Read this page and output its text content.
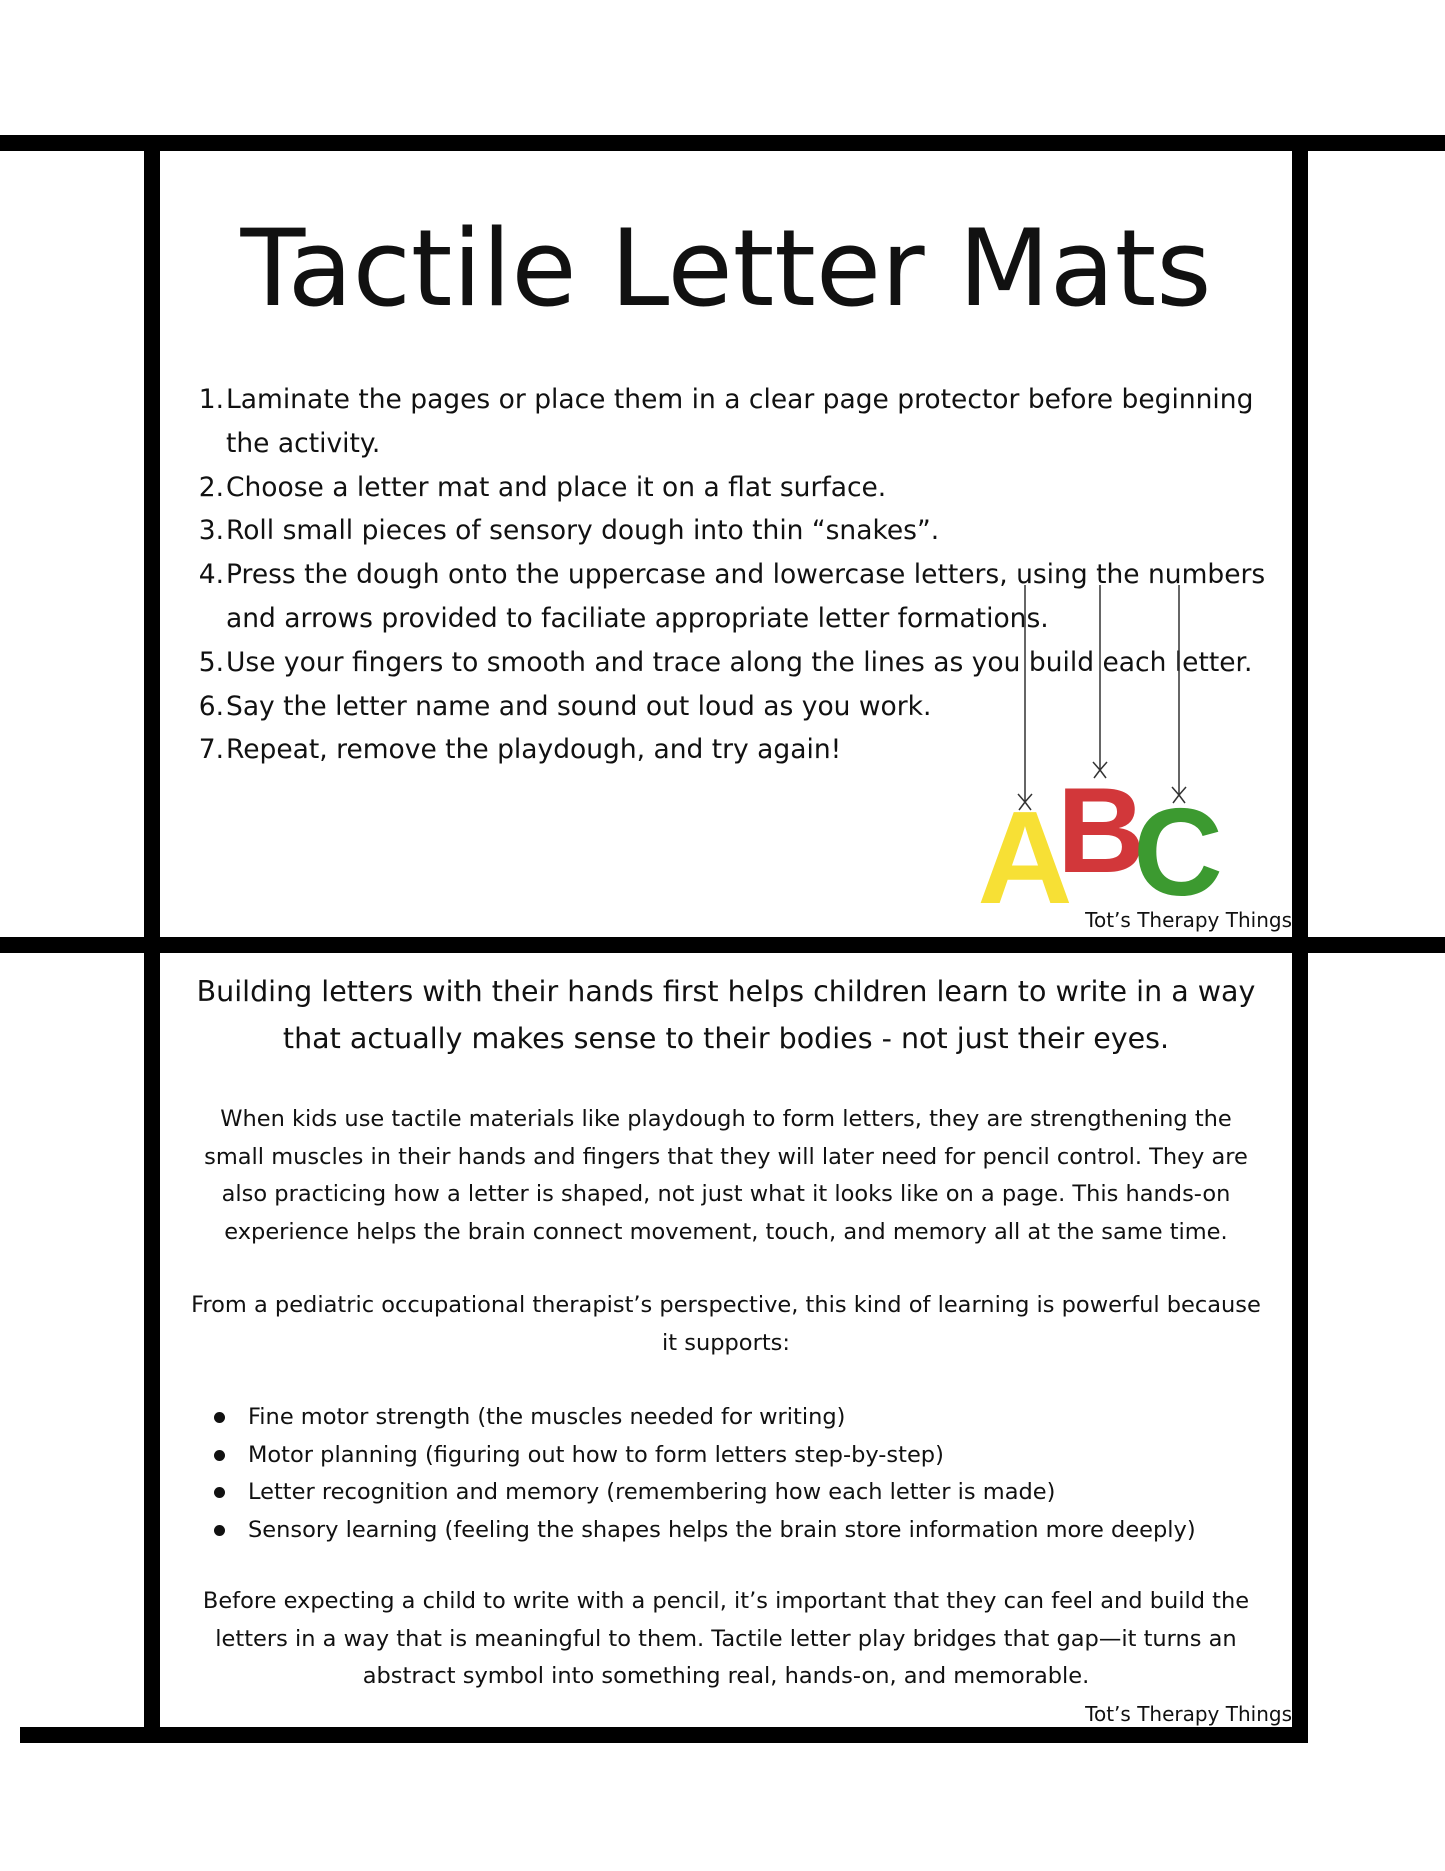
Tactile Letter Mats
1. Laminate the pages or place them in a clear page protector before beginning the activity.
2. Choose a letter mat and place it on a flat surface.
3. Roll small pieces of sensory dough into thin “snakes”.
4. Press the dough onto the uppercase and lowercase letters, using the numbers and arrows provided to faciliate appropriate letter formations.
5. Use your fingers to smooth and trace along the lines as you build each letter.
6. Say the letter name and sound out loud as you work.
7. Repeat, remove the playdough, and try again!
A
B
C
Tot’s Therapy Things

Building letters with their hands first helps children learn to write in a way that actually makes sense to their bodies - not just their eyes.

When kids use tactile materials like playdough to form letters, they are strengthening the small muscles in their hands and fingers that they will later need for pencil control. They are also practicing how a letter is shaped, not just what it looks like on a page. This hands-on experience helps the brain connect movement, touch, and memory all at the same time.

From a pediatric occupational therapist’s perspective, this kind of learning is powerful because it supports:

Fine motor strength (the muscles needed for writing)
Motor planning (figuring out how to form letters step-by-step)
Letter recognition and memory (remembering how each letter is made)
Sensory learning (feeling the shapes helps the brain store information more deeply)

Before expecting a child to write with a pencil, it’s important that they can feel and build the letters in a way that is meaningful to them. Tactile letter play bridges that gap—it turns an abstract symbol into something real, hands-on, and memorable.

Tot’s Therapy Things
